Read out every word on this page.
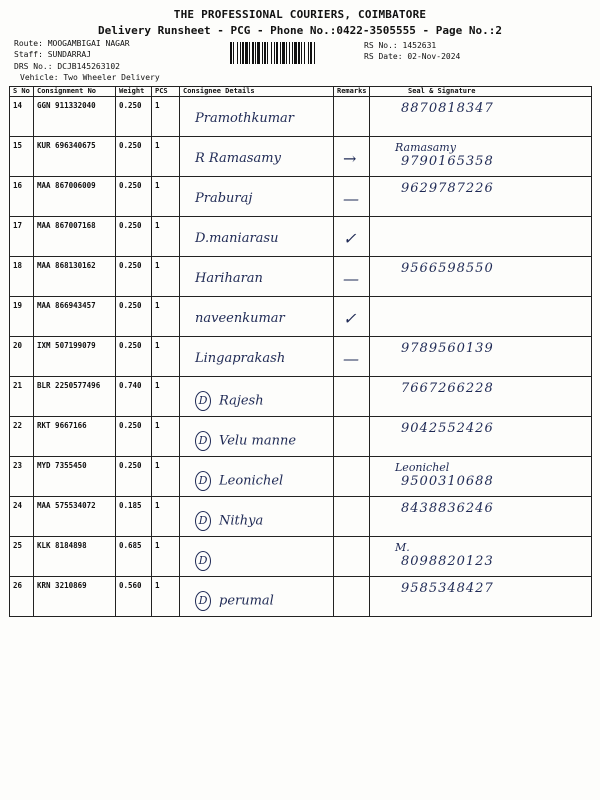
THE PROFESSIONAL COURIERS, COIMBATORE
Delivery Runsheet - PCG - Phone No.:0422-3505555 - Page No.:2
Route: MOOGAMBIGAI NAGAR
Staff: SUNDARRAJ
DRS No.: DCJB145263102
Vehicle: Two Wheeler Delivery
RS No.: 1452631
RS Date: 02-Nov-2024
S No	Consignment No	Weight	PCS	Consignee Details	Remarks	Seal & Signature
14	GGN 911332040	0.250	1	Pramothkumar		8870818347

15	KUR 696340675	0.250	1	R Ramasamy	→	Ramasamy
9790165358

16	MAA 867006009	0.250	1	Praburaj	—	9629787226

17	MAA 867007168	0.250	1	D.maniarasu	✓	

18	MAA 868130162	0.250	1	Hariharan	—	9566598550

19	MAA 866943457	0.250	1	naveenkumar	✓	

20	IXM 507199079	0.250	1	Lingaprakash	—	9789560139

21	BLR 2250577496	0.740	1	D Rajesh		7667266228

22	RKT 9667166	0.250	1	D Velu manne		9042552426

23	MYD 7355450	0.250	1	D Leonichel		Leonichel
9500310688

24	MAA 575534072	0.185	1	D Nithya		8438836246

25	KLK 8184898	0.685	1	D		M.
8098820123

26	KRN 3210869	0.560	1	D perumal		9585348427
